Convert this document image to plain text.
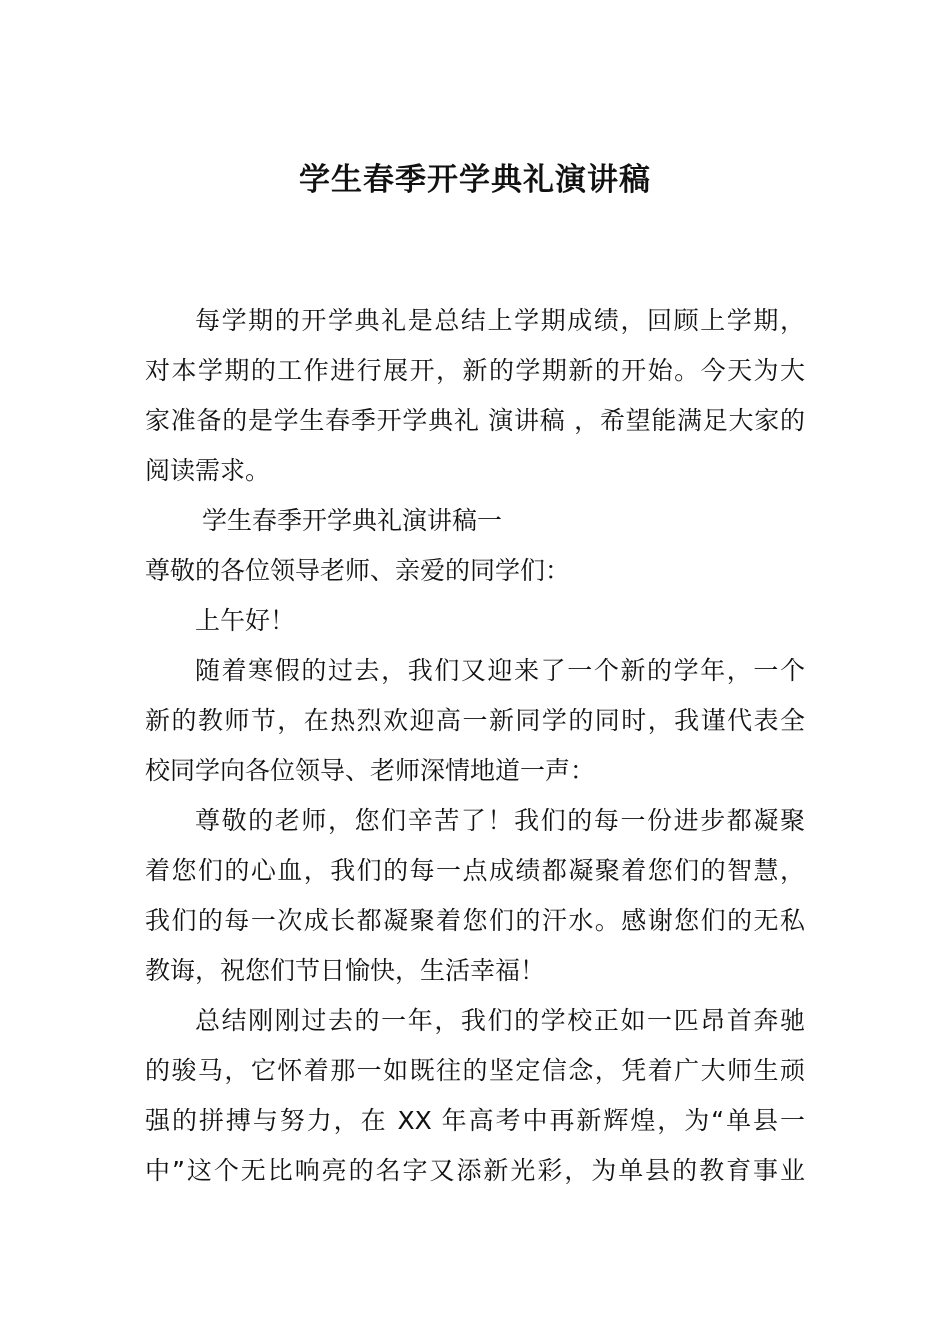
学生春季开学典礼演讲稿
每学期的开学典礼是总结上学期成绩，回顾上学期，
对本学期的工作进行展开，新的学期新的开始。今天为大
家准备的是学生春季开学典礼 演讲稿 ，希望能满足大家的
阅读需求。
学生春季开学典礼演讲稿一
尊敬的各位领导老师、亲爱的同学们：
上午好！
随着寒假的过去，我们又迎来了一个新的学年，一个
新的教师节，在热烈欢迎高一新同学的同时，我谨代表全
校同学向各位领导、老师深情地道一声：
尊敬的老师，您们辛苦了！我们的每一份进步都凝聚
着您们的心血，我们的每一点成绩都凝聚着您们的智慧，
我们的每一次成长都凝聚着您们的汗水。感谢您们的无私
教诲，祝您们节日愉快，生活幸福！
总结刚刚过去的一年，我们的学校正如一匹昂首奔驰
的骏马，它怀着那一如既往的坚定信念，凭着广大师生顽
强的拼搏与努力，在 XX 年高考中再新辉煌，为“单县一
中”这个无比响亮的名字又添新光彩，为单县的教育事业
